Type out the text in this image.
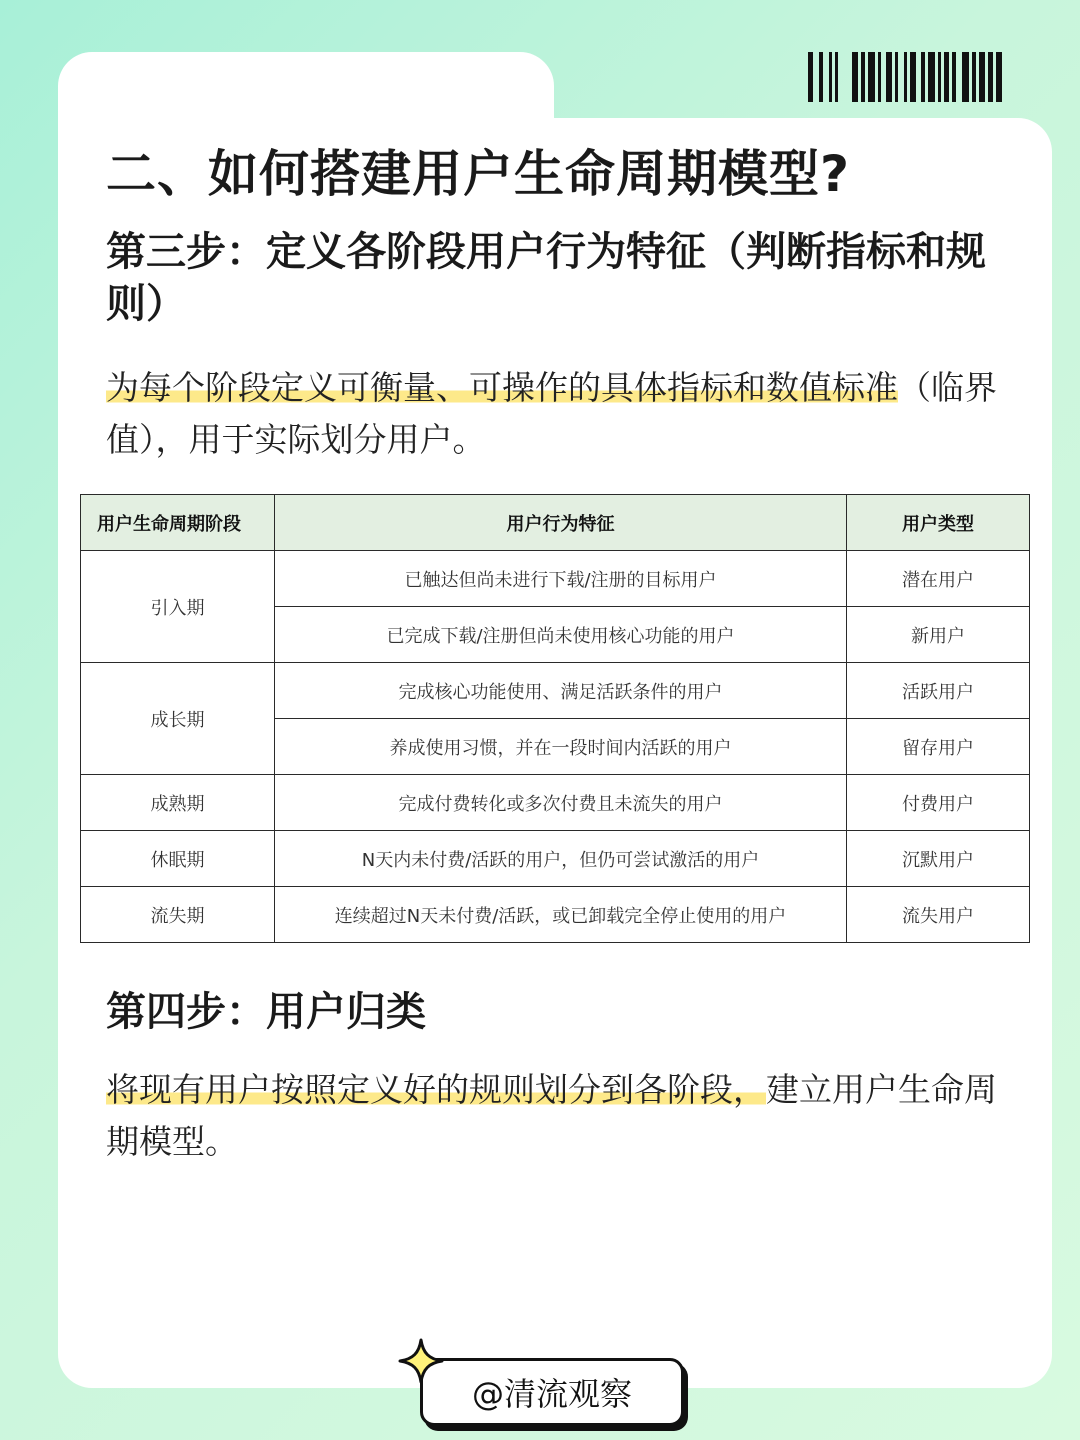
二、如何搭建用户生命周期模型?
第三步：定义各阶段用户行为特征（判断指标和规则）

为每个阶段定义可衡量、可操作的具体指标和数值标准（临界值），用于实际划分用户。

用户生命周期阶段	用户行为特征	用户类型
引入期	已触达但尚未进行下载/注册的目标用户	潜在用户
	已完成下载/注册但尚未使用核心功能的用户	新用户
成长期	完成核心功能使用、满足活跃条件的用户	活跃用户
	养成使用习惯，并在一段时间内活跃的用户	留存用户
成熟期	完成付费转化或多次付费且未流失的用户	付费用户
休眠期	N天内未付费/活跃的用户，但仍可尝试激活的用户	沉默用户
流失期	连续超过N天未付费/活跃，或已卸载完全停止使用的用户	流失用户
第四步：用户归类

将现有用户按照定义好的规则划分到各阶段，建立用户生命周期模型。

@清流观察
